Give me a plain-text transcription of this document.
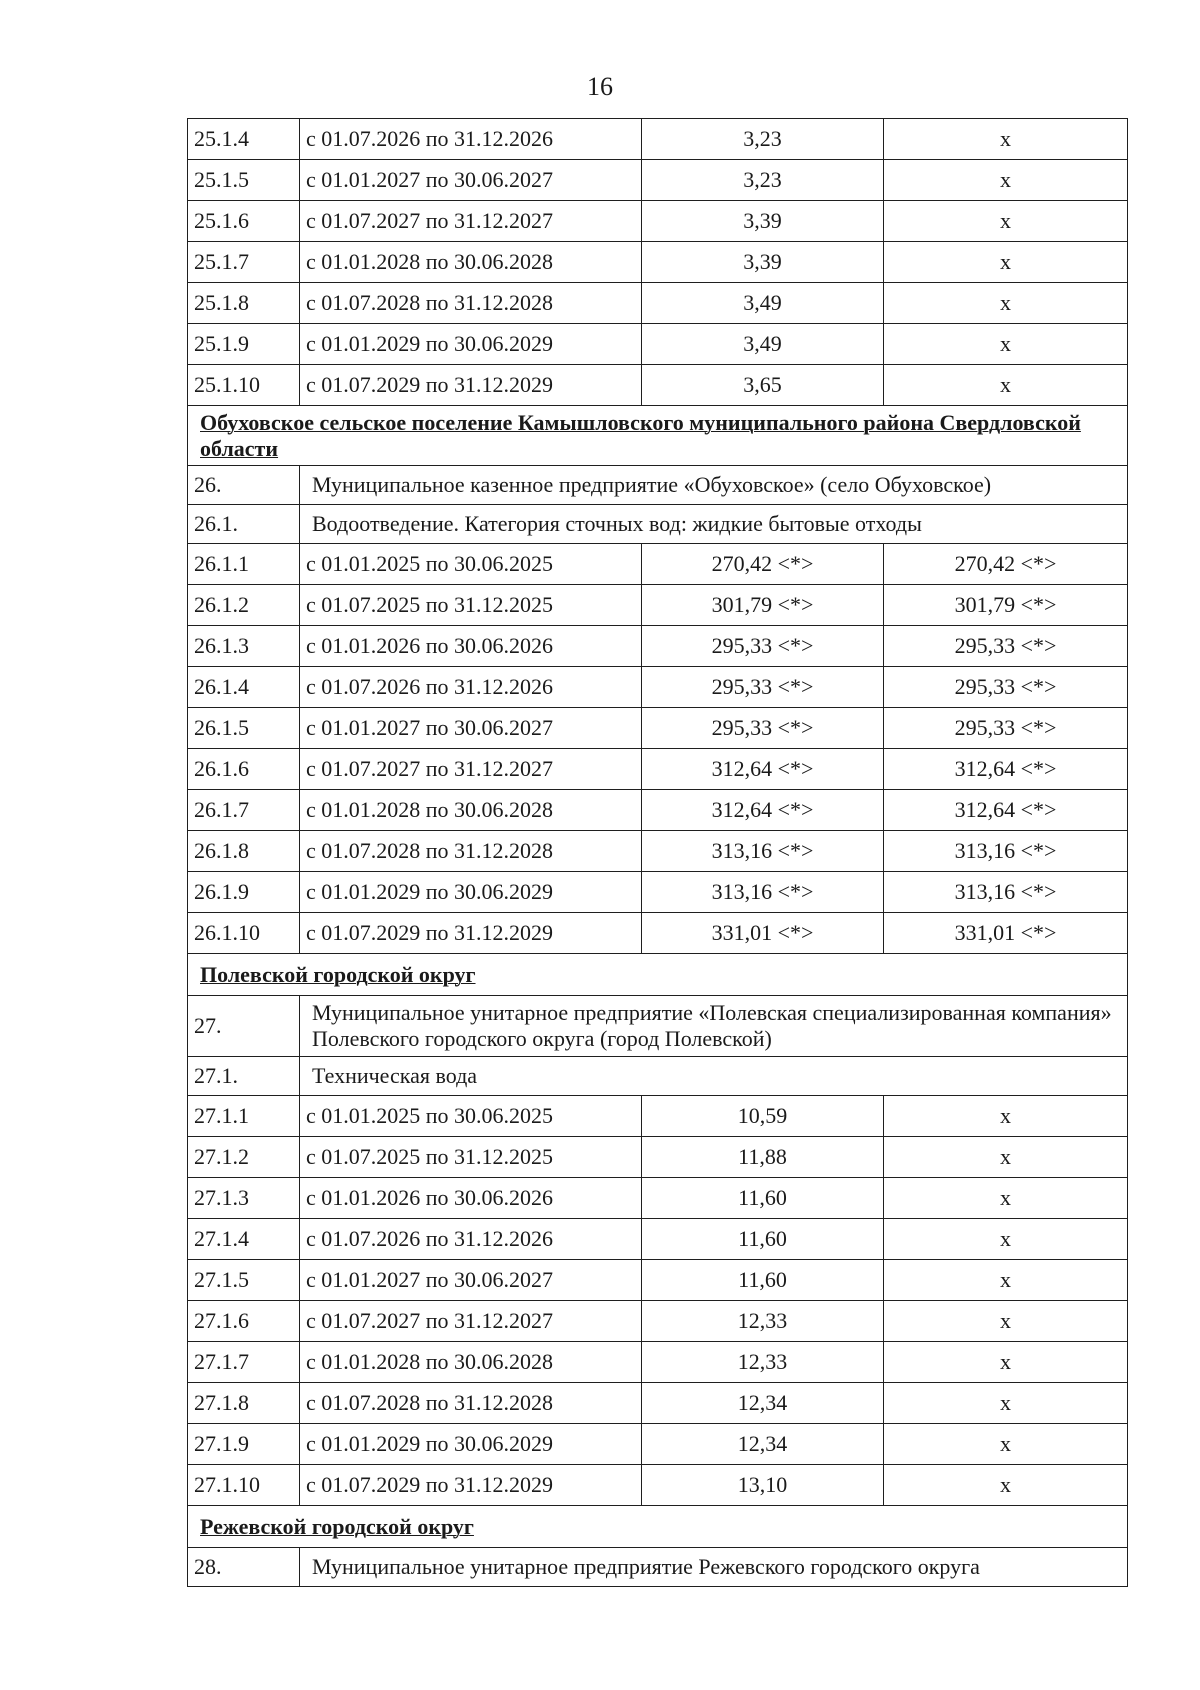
16
25.1.4	с 01.07.2026 по 31.12.2026	3,23	x
25.1.5	с 01.01.2027 по 30.06.2027	3,23	x
25.1.6	с 01.07.2027 по 31.12.2027	3,39	x
25.1.7	с 01.01.2028 по 30.06.2028	3,39	x
25.1.8	с 01.07.2028 по 31.12.2028	3,49	x
25.1.9	с 01.01.2029 по 30.06.2029	3,49	x
25.1.10	с 01.07.2029 по 31.12.2029	3,65	x
Обуховское сельское поселение Камышловского муниципального района Свердловской области			
26.	Муниципальное казенное предприятие «Обуховское» (село Обуховское)		
26.1.	Водоотведение. Категория сточных вод: жидкие бытовые отходы		
26.1.1	с 01.01.2025 по 30.06.2025	270,42 <*>	270,42 <*>
26.1.2	с 01.07.2025 по 31.12.2025	301,79 <*>	301,79 <*>
26.1.3	с 01.01.2026 по 30.06.2026	295,33 <*>	295,33 <*>
26.1.4	с 01.07.2026 по 31.12.2026	295,33 <*>	295,33 <*>
26.1.5	с 01.01.2027 по 30.06.2027	295,33 <*>	295,33 <*>
26.1.6	с 01.07.2027 по 31.12.2027	312,64 <*>	312,64 <*>
26.1.7	с 01.01.2028 по 30.06.2028	312,64 <*>	312,64 <*>
26.1.8	с 01.07.2028 по 31.12.2028	313,16 <*>	313,16 <*>
26.1.9	с 01.01.2029 по 30.06.2029	313,16 <*>	313,16 <*>
26.1.10	с 01.07.2029 по 31.12.2029	331,01 <*>	331,01 <*>
Полевской городской округ			
27.	Муниципальное унитарное предприятие «Полевская специализированная компания» Полевского городского округа (город Полевской)		
27.1.	Техническая вода		
27.1.1	с 01.01.2025 по 30.06.2025	10,59	x
27.1.2	с 01.07.2025 по 31.12.2025	11,88	x
27.1.3	с 01.01.2026 по 30.06.2026	11,60	x
27.1.4	с 01.07.2026 по 31.12.2026	11,60	x
27.1.5	с 01.01.2027 по 30.06.2027	11,60	x
27.1.6	с 01.07.2027 по 31.12.2027	12,33	x
27.1.7	с 01.01.2028 по 30.06.2028	12,33	x
27.1.8	с 01.07.2028 по 31.12.2028	12,34	x
27.1.9	с 01.01.2029 по 30.06.2029	12,34	x
27.1.10	с 01.07.2029 по 31.12.2029	13,10	x
Режевской городской округ			
28.	Муниципальное унитарное предприятие Режевского городского округа		
